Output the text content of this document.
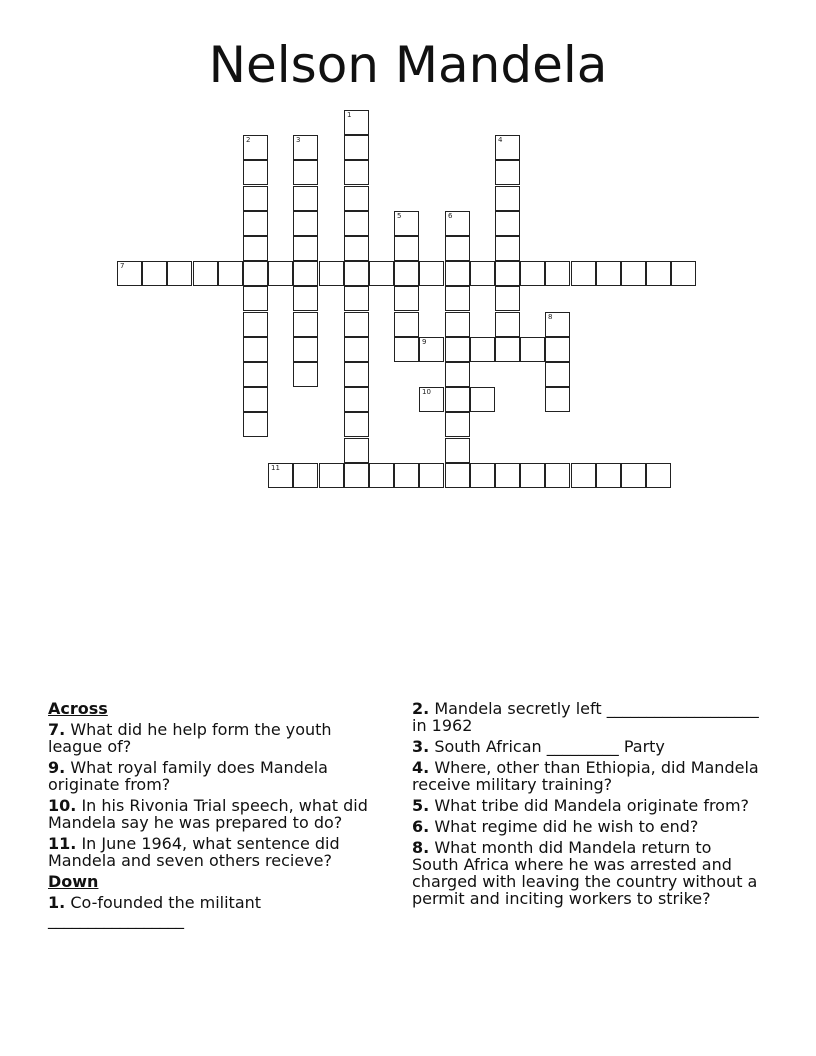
Nelson Mandela
1
2	3	4
5	6
7
8
9
10
11
Across
7. What did he help form the youth league of?
9. What royal family does Mandela originate from?
10. In his Rivonia Trial speech, what did Mandela say he was prepared to do?
11. In June 1964, what sentence did Mandela and seven others recieve?
Down
1. Co-founded the militant _________________
2. Mandela secretly left ___________________ in 1962
3. South African _________ Party
4. Where, other than Ethiopia, did Mandela receive military training?
5. What tribe did Mandela originate from?
6. What regime did he wish to end?
8. What month did Mandela return to South Africa where he was arrested and charged with leaving the country without a permit and inciting workers to strike?
